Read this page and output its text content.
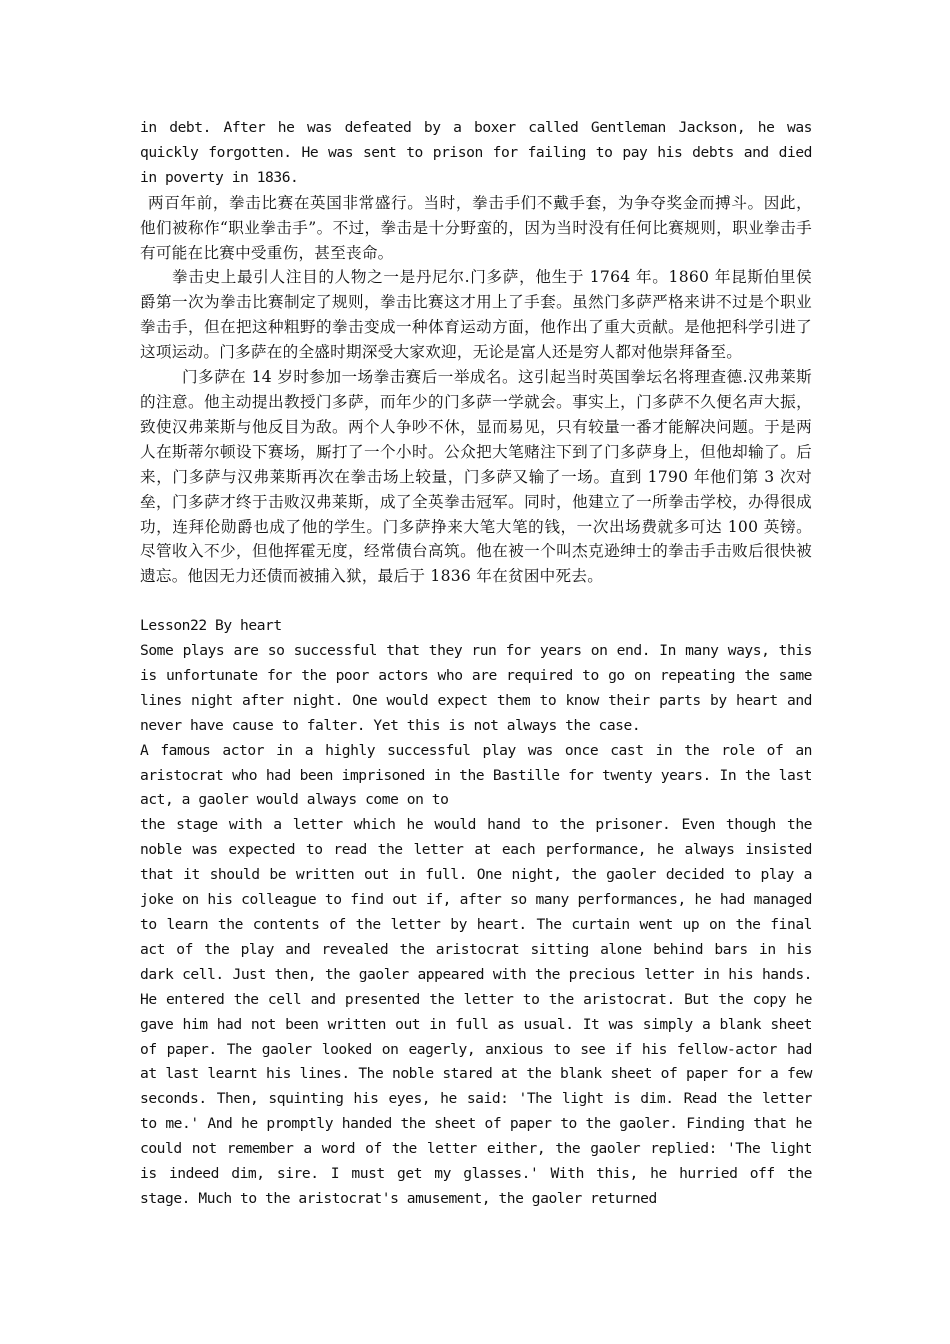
in debt. After he was defeated by a boxer called Gentleman Jackson, he was quickly forgotten. He was sent to prison for failing to pay his debts and died in poverty in 1836.

两百年前，拳击比赛在英国非常盛行。当时，拳击手们不戴手套，为争夺奖金而搏斗。因此，他们被称作“职业拳击手”。不过，拳击是十分野蛮的，因为当时没有任何比赛规则，职业拳击手有可能在比赛中受重伤，甚至丧命。

拳击史上最引人注目的人物之一是丹尼尔.门多萨，他生于 1764 年。1860 年昆斯伯里侯爵第一次为拳击比赛制定了规则，拳击比赛这才用上了手套。虽然门多萨严格来讲不过是个职业拳击手，但在把这种粗野的拳击变成一种体育运动方面，他作出了重大贡献。是他把科学引进了这项运动。门多萨在的全盛时期深受大家欢迎，无论是富人还是穷人都对他崇拜备至。

门多萨在 14 岁时参加一场拳击赛后一举成名。这引起当时英国拳坛名将理查德.汉弗莱斯的注意。他主动提出教授门多萨，而年少的门多萨一学就会。事实上，门多萨不久便名声大振，致使汉弗莱斯与他反目为敌。两个人争吵不休，显而易见，只有较量一番才能解决问题。于是两人在斯蒂尔顿设下赛场，厮打了一个小时。公众把大笔赌注下到了门多萨身上，但他却输了。后来，门多萨与汉弗莱斯再次在拳击场上较量，门多萨又输了一场。直到 1790 年他们第 3 次对垒，门多萨才终于击败汉弗莱斯，成了全英拳击冠军。同时，他建立了一所拳击学校，办得很成功，连拜伦勋爵也成了他的学生。门多萨挣来大笔大笔的钱，一次出场费就多可达 100 英镑。尽管收入不少，但他挥霍无度，经常债台高筑。他在被一个叫杰克逊绅士的拳击手击败后很快被遗忘。他因无力还债而被捕入狱，最后于 1836 年在贫困中死去。

Lesson22 By heart

Some plays are so successful that they run for years on end. In many ways, this is unfortunate for the poor actors who are required to go on repeating the same lines night after night. One would expect them to know their parts by heart and never have cause to falter. Yet this is not always the case.

A famous actor in a highly successful play was once cast in the role of an aristocrat who had been imprisoned in the Bastille for twenty years. In the last act, a gaoler would always come on to

the stage with a letter which he would hand to the prisoner. Even though the noble was expected to read the letter at each performance, he always insisted that it should be written out in full. One night, the gaoler decided to play a joke on his colleague to find out if, after so many performances, he had managed to learn the contents of the letter by heart. The curtain went up on the final act of the play and revealed the aristocrat sitting alone behind bars in his dark cell. Just then, the gaoler appeared with the precious letter in his hands. He entered the cell and presented the letter to the aristocrat. But the copy he gave him had not been written out in full as usual. It was simply a blank sheet of paper. The gaoler looked on eagerly, anxious to see if his fellow-actor had at last learnt his lines. The noble stared at the blank sheet of paper for a few seconds. Then, squinting his eyes, he said: 'The light is dim. Read the letter to me.' And he promptly handed the sheet of paper to the gaoler. Finding that he could not remember a word of the letter either, the gaoler replied: 'The light is indeed dim, sire. I must get my glasses.' With this, he hurried off the stage. Much to the aristocrat's amusement, the gaoler returned
